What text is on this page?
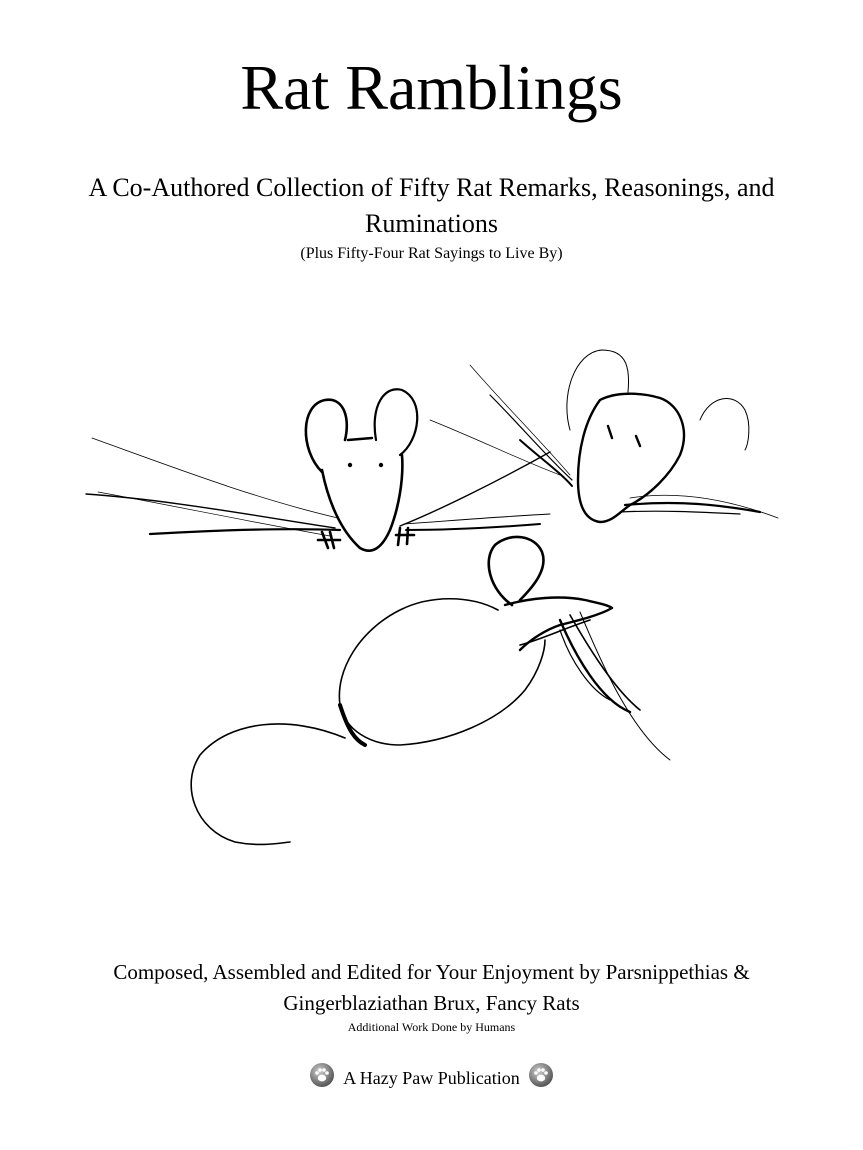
Rat Ramblings

A Co-Authored Collection of Fifty Rat Remarks, Reasonings, and Ruminations

(Plus Fifty-Four Rat Sayings to Live By)

Composed, Assembled and Edited for Your Enjoyment by Parsnippethias & Gingerblaziathan Brux, Fancy Rats

Additional Work Done by Humans

A Hazy Paw Publication
